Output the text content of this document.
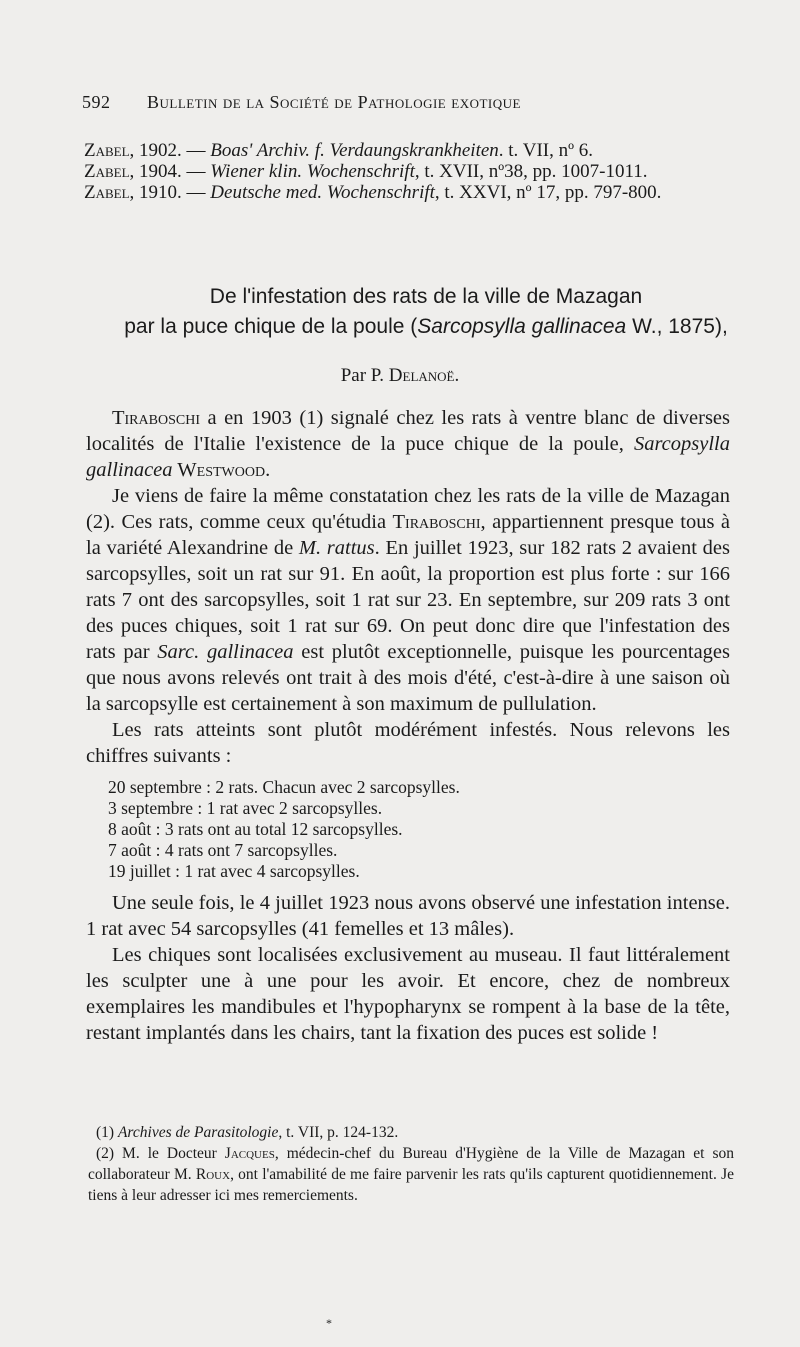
592 Bulletin de la Société de Pathologie exotique
Zabel, 1902. — Boas' Archiv. f. Verdaungskrankheiten. t. VII, nº 6.
Zabel, 1904. — Wiener klin. Wochenschrift, t. XVII, nº38, pp. 1007-1011.
Zabel, 1910. — Deutsche med. Wochenschrift, t. XXVI, nº 17, pp. 797-800.
De l'infestation des rats de la ville de Mazagan
par la puce chique de la poule (Sarcopsylla gallinacea W., 1875),
Par P. Delanoë.

Tiraboschi a en 1903 (1) signalé chez les rats à ventre blanc de diverses localités de l'Italie l'existence de la puce chique de la poule, Sarcopsylla gallinacea Westwood.

Je viens de faire la même constatation chez les rats de la ville de Mazagan (2). Ces rats, comme ceux qu'étudia Tiraboschi, appartiennent presque tous à la variété Alexandrine de M. rattus. En juillet 1923, sur 182 rats 2 avaient des sarcopsylles, soit un rat sur 91. En août, la proportion est plus forte : sur 166 rats 7 ont des sarcopsylles, soit 1 rat sur 23. En septembre, sur 209 rats 3 ont des puces chiques, soit 1 rat sur 69. On peut donc dire que l'infestation des rats par Sarc. gallinacea est plutôt exceptionnelle, puisque les pourcentages que nous avons relevés ont trait à des mois d'été, c'est-à-dire à une saison où la sarcopsylle est certainement à son maximum de pullulation.

Les rats atteints sont plutôt modérément infestés. Nous relevons les chiffres suivants :

20 septembre : 2 rats. Chacun avec 2 sarcopsylles.
3 septembre : 1 rat avec 2 sarcopsylles.
8 août : 3 rats ont au total 12 sarcopsylles.
7 août : 4 rats ont 7 sarcopsylles.
19 juillet : 1 rat avec 4 sarcopsylles.

Une seule fois, le 4 juillet 1923 nous avons observé une infestation intense. 1 rat avec 54 sarcopsylles (41 femelles et 13 mâles).

Les chiques sont localisées exclusivement au museau. Il faut littéralement les sculpter une à une pour les avoir. Et encore, chez de nombreux exemplaires les mandibules et l'hypopharynx se rompent à la base de la tête, restant implantés dans les chairs, tant la fixation des puces est solide !

(1) Archives de Parasitologie, t. VII, p. 124-132.

(2) M. le Docteur Jacques, médecin-chef du Bureau d'Hygiène de la Ville de Mazagan et son collaborateur M. Roux, ont l'amabilité de me faire parvenir les rats qu'ils capturent quotidiennement. Je tiens à leur adresser ici mes remerciements.

*
